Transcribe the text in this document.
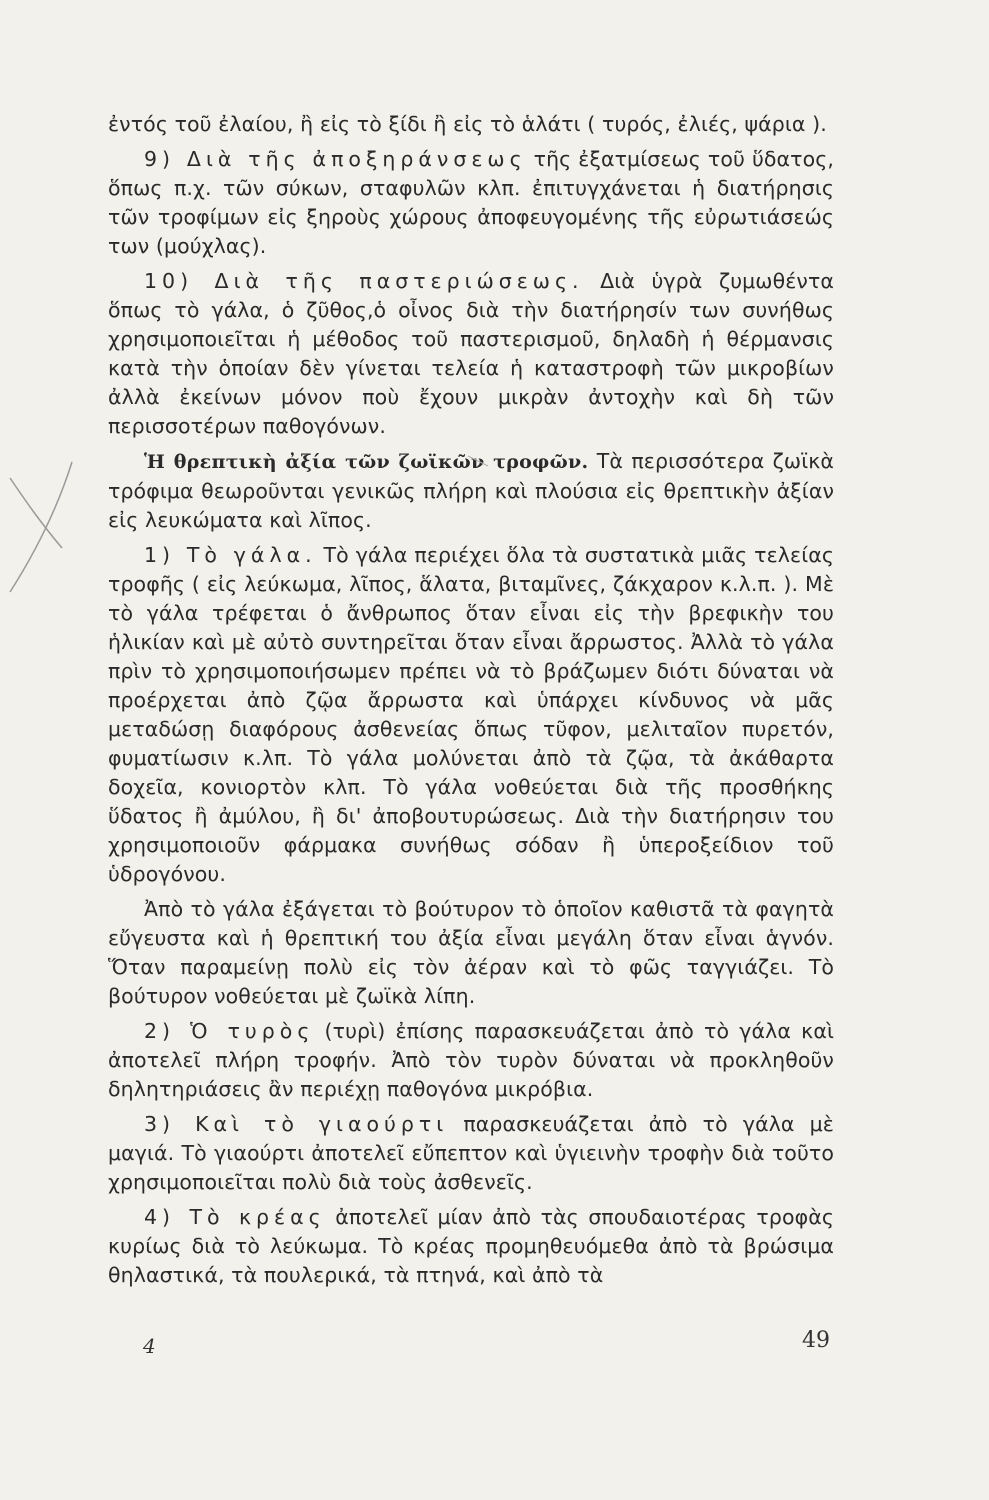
ἐντός τοῦ ἐλαίου, ἢ εἰς τὸ ξίδι ἢ εἰς τὸ ἁλάτι ( τυρός, ἐλιές, ψάρια ).

9) Διὰ τῆς ἀποξηράνσεως τῆς ἐξατμίσεως τοῦ ὕδατος, ὅπως π.χ. τῶν σύκων, σταφυλῶν κλπ. ἐπιτυγχάνεται ἡ διατήρησις τῶν τροφίμων εἰς ξηροὺς χώρους ἀποφευγομένης τῆς εὐρωτιάσεώς των (μούχλας).

10) Διὰ τῆς παστεριώσεως. Διὰ ὑγρὰ ζυμωθέντα ὅπως τὸ γάλα, ὁ ζῦθος,ὁ οἶνος διὰ τὴν διατήρησίν των συνήθως χρησιμοποιεῖται ἡ μέθοδος τοῦ παστερισμοῦ, δηλαδὴ ἡ θέρμανσις κατὰ τὴν ὁποίαν δὲν γίνεται τελεία ἡ καταστροφὴ τῶν μικροβίων ἀλλὰ ἐκείνων μόνον ποὺ ἔχουν μικρὰν ἀντοχὴν καὶ δὴ τῶν περισσοτέρων παθογόνων.

Ἡ θρεπτικὴ ἀξία τῶν ζωϊκῶν τροφῶν. Τὰ περισσότερα ζωϊκὰ τρόφιμα θεωροῦνται γενικῶς πλήρη καὶ πλούσια εἰς θρεπτικὴν ἀξίαν εἰς λευκώματα καὶ λῖπος.

1) Τὸ γάλα. Τὸ γάλα περιέχει ὅλα τὰ συστατικὰ μιᾶς τελείας τροφῆς ( εἰς λεύκωμα, λῖπος, ἅλατα, βιταμῖνες, ζάκχαρον κ.λ.π. ). Μὲ τὸ γάλα τρέφεται ὁ ἄνθρωπος ὅταν εἶναι εἰς τὴν βρεφικὴν του ἡλικίαν καὶ μὲ αὐτὸ συντηρεῖται ὅταν εἶναι ἄρρωστος. Ἀλλὰ τὸ γάλα πρὶν τὸ χρησιμοποιήσωμεν πρέπει νὰ τὸ βράζωμεν διότι δύναται νὰ προέρχεται ἀπὸ ζῷα ἄρρωστα καὶ ὑπάρχει κίνδυνος νὰ μᾶς μεταδώσῃ διαφόρους ἀσθενείας ὅπως τῦφον, μελιταῖον πυρετόν, φυματίωσιν κ.λπ. Τὸ γάλα μολύνεται ἀπὸ τὰ ζῷα, τὰ ἀκάθαρτα δοχεῖα, κονιορτὸν κλπ. Τὸ γάλα νοθεύεται διὰ τῆς προσθήκης ὕδατος ἢ ἀμύλου, ἢ δι' ἀποβουτυρώσεως. Διὰ τὴν διατήρησιν του χρησιμοποιοῦν φάρμακα συνήθως σόδαν ἢ ὑπεροξείδιον τοῦ ὑδρογόνου.

Ἀπὸ τὸ γάλα ἐξάγεται τὸ βούτυρον τὸ ὁποῖον καθιστᾶ τὰ φαγητὰ εὔγευστα καὶ ἡ θρεπτική του ἀξία εἶναι μεγάλη ὅταν εἶναι ἁγνόν. Ὅταν παραμείνῃ πολὺ εἰς τὸν ἀέραν καὶ τὸ φῶς ταγγιάζει. Τὸ βούτυρον νοθεύεται μὲ ζωϊκὰ λίπη.

2) Ὁ τυρὸς (τυρὶ) ἐπίσης παρασκευάζεται ἀπὸ τὸ γάλα καὶ ἀποτελεῖ πλήρη τροφήν. Ἀπὸ τὸν τυρὸν δύναται νὰ προκληθοῦν δηλητηριάσεις ἂν περιέχῃ παθογόνα μικρόβια.

3) Καὶ τὸ γιαούρτι παρασκευάζεται ἀπὸ τὸ γάλα μὲ μαγιά. Τὸ γιαούρτι ἀποτελεῖ εὔπεπτον καὶ ὑγιεινὴν τροφὴν διὰ τοῦτο χρησιμοποιεῖται πολὺ διὰ τοὺς ἀσθενεῖς.

4) Τὸ κρέας ἀποτελεῖ μίαν ἀπὸ τὰς σπουδαιοτέρας τροφὰς κυρίως διὰ τὸ λεύκωμα. Τὸ κρέας προμηθευόμεθα ἀπὸ τὰ βρώσιμα θηλαστικά, τὰ πουλερικά, τὰ πτηνά, καὶ ἀπὸ τὰ

4	49
